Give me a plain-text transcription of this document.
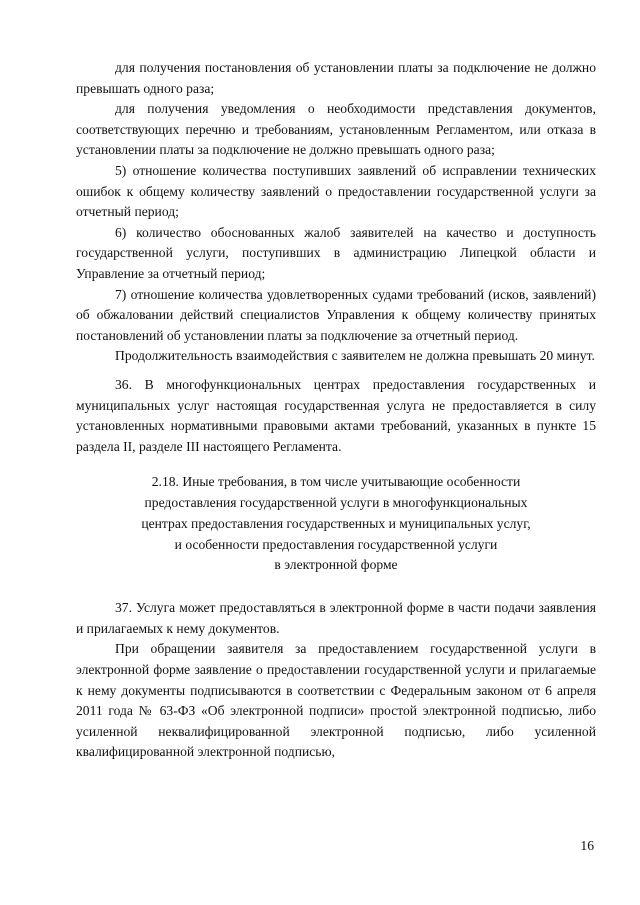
для получения постановления об установлении платы за подключение не должно превышать одного раза;

для получения уведомления о необходимости представления документов, соответствующих перечню и требованиям, установленным Регламентом, или отказа в установлении платы за подключение не должно превышать одного раза;

5) отношение количества поступивших заявлений об исправлении технических ошибок к общему количеству заявлений о предоставлении государственной услуги за отчетный период;

6) количество обоснованных жалоб заявителей на качество и доступность государственной услуги, поступивших в администрацию Липецкой области и Управление за отчетный период;

7) отношение количества удовлетворенных судами требований (исков, заявлений) об обжаловании действий специалистов Управления к общему количеству принятых постановлений об установлении платы за подключение за отчетный период.

Продолжительность взаимодействия с заявителем не должна превышать 20 минут.

36. В многофункциональных центрах предоставления государственных и муниципальных услуг настоящая государственная услуга не предоставляется в силу установленных нормативными правовыми актами требований, указанных в пункте 15 раздела II, разделе III настоящего Регламента.

2.18. Иные требования, в том числе учитывающие особенности
предоставления государственной услуги в многофункциональных
центрах предоставления государственных и муниципальных услуг,
и особенности предоставления государственной услуги
в электронной форме

37. Услуга может предоставляться в электронной форме в части подачи заявления и прилагаемых к нему документов.

При обращении заявителя за предоставлением государственной услуги в электронной форме заявление о предоставлении государственной услуги и прилагаемые к нему документы подписываются в соответствии с Федеральным законом от 6 апреля 2011 года № 63-ФЗ «Об электронной подписи» простой электронной подписью, либо усиленной неквалифицированной электронной подписью, либо усиленной квалифицированной электронной подписью,

16
